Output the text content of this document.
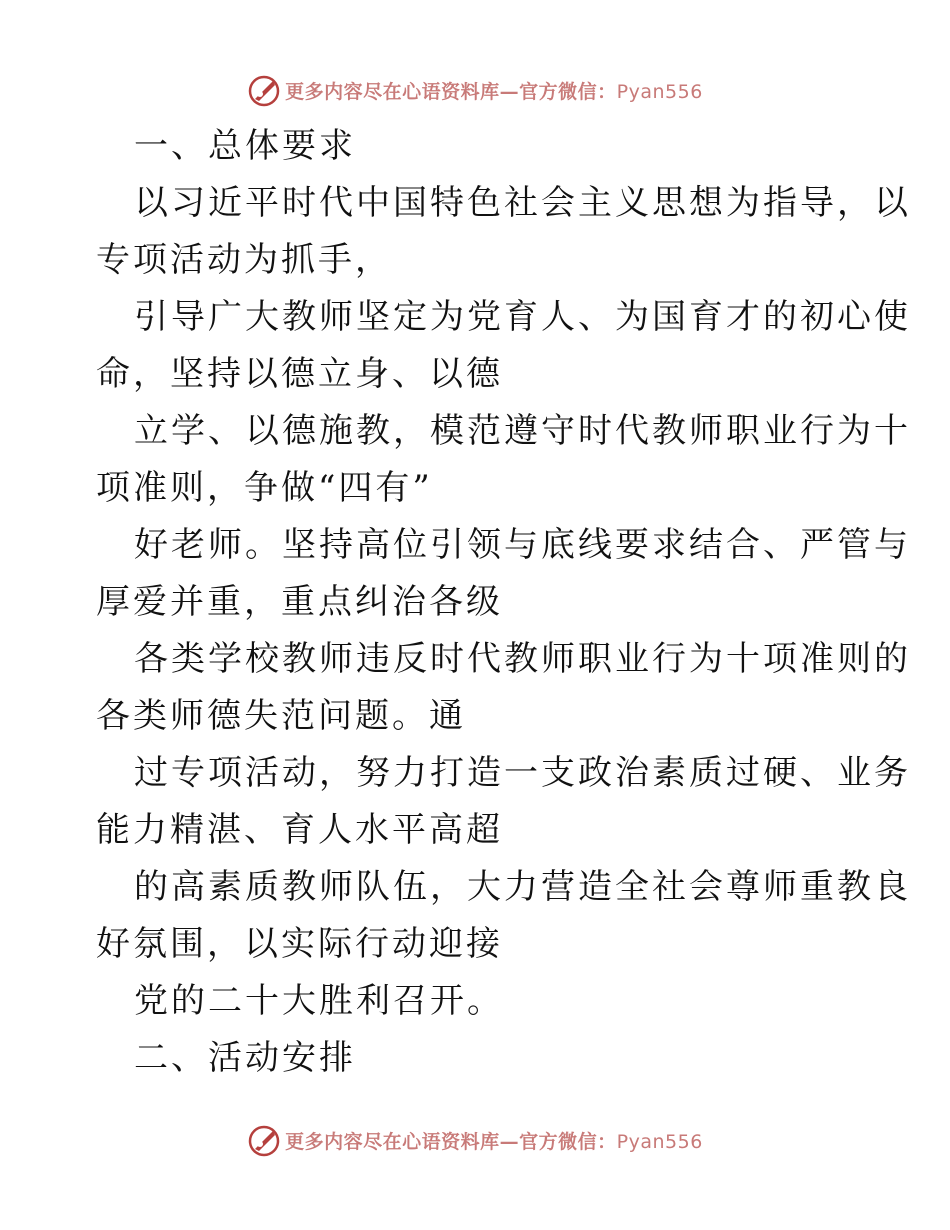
更多内容尽在心语资料库—官方微信：Pyan556
一、总体要求
以习近平时代中国特色社会主义思想为指导，以
专项活动为抓手，
引导广大教师坚定为党育人、为国育才的初心使
命，坚持以德立身、以德
立学、以德施教，模范遵守时代教师职业行为十
项准则，争做“四有”
好老师。坚持高位引领与底线要求结合、严管与
厚爱并重，重点纠治各级
各类学校教师违反时代教师职业行为十项准则的
各类师德失范问题。通
过专项活动，努力打造一支政治素质过硬、业务
能力精湛、育人水平高超
的高素质教师队伍，大力营造全社会尊师重教良
好氛围，以实际行动迎接
党的二十大胜利召开。
二、活动安排
更多内容尽在心语资料库—官方微信：Pyan556
